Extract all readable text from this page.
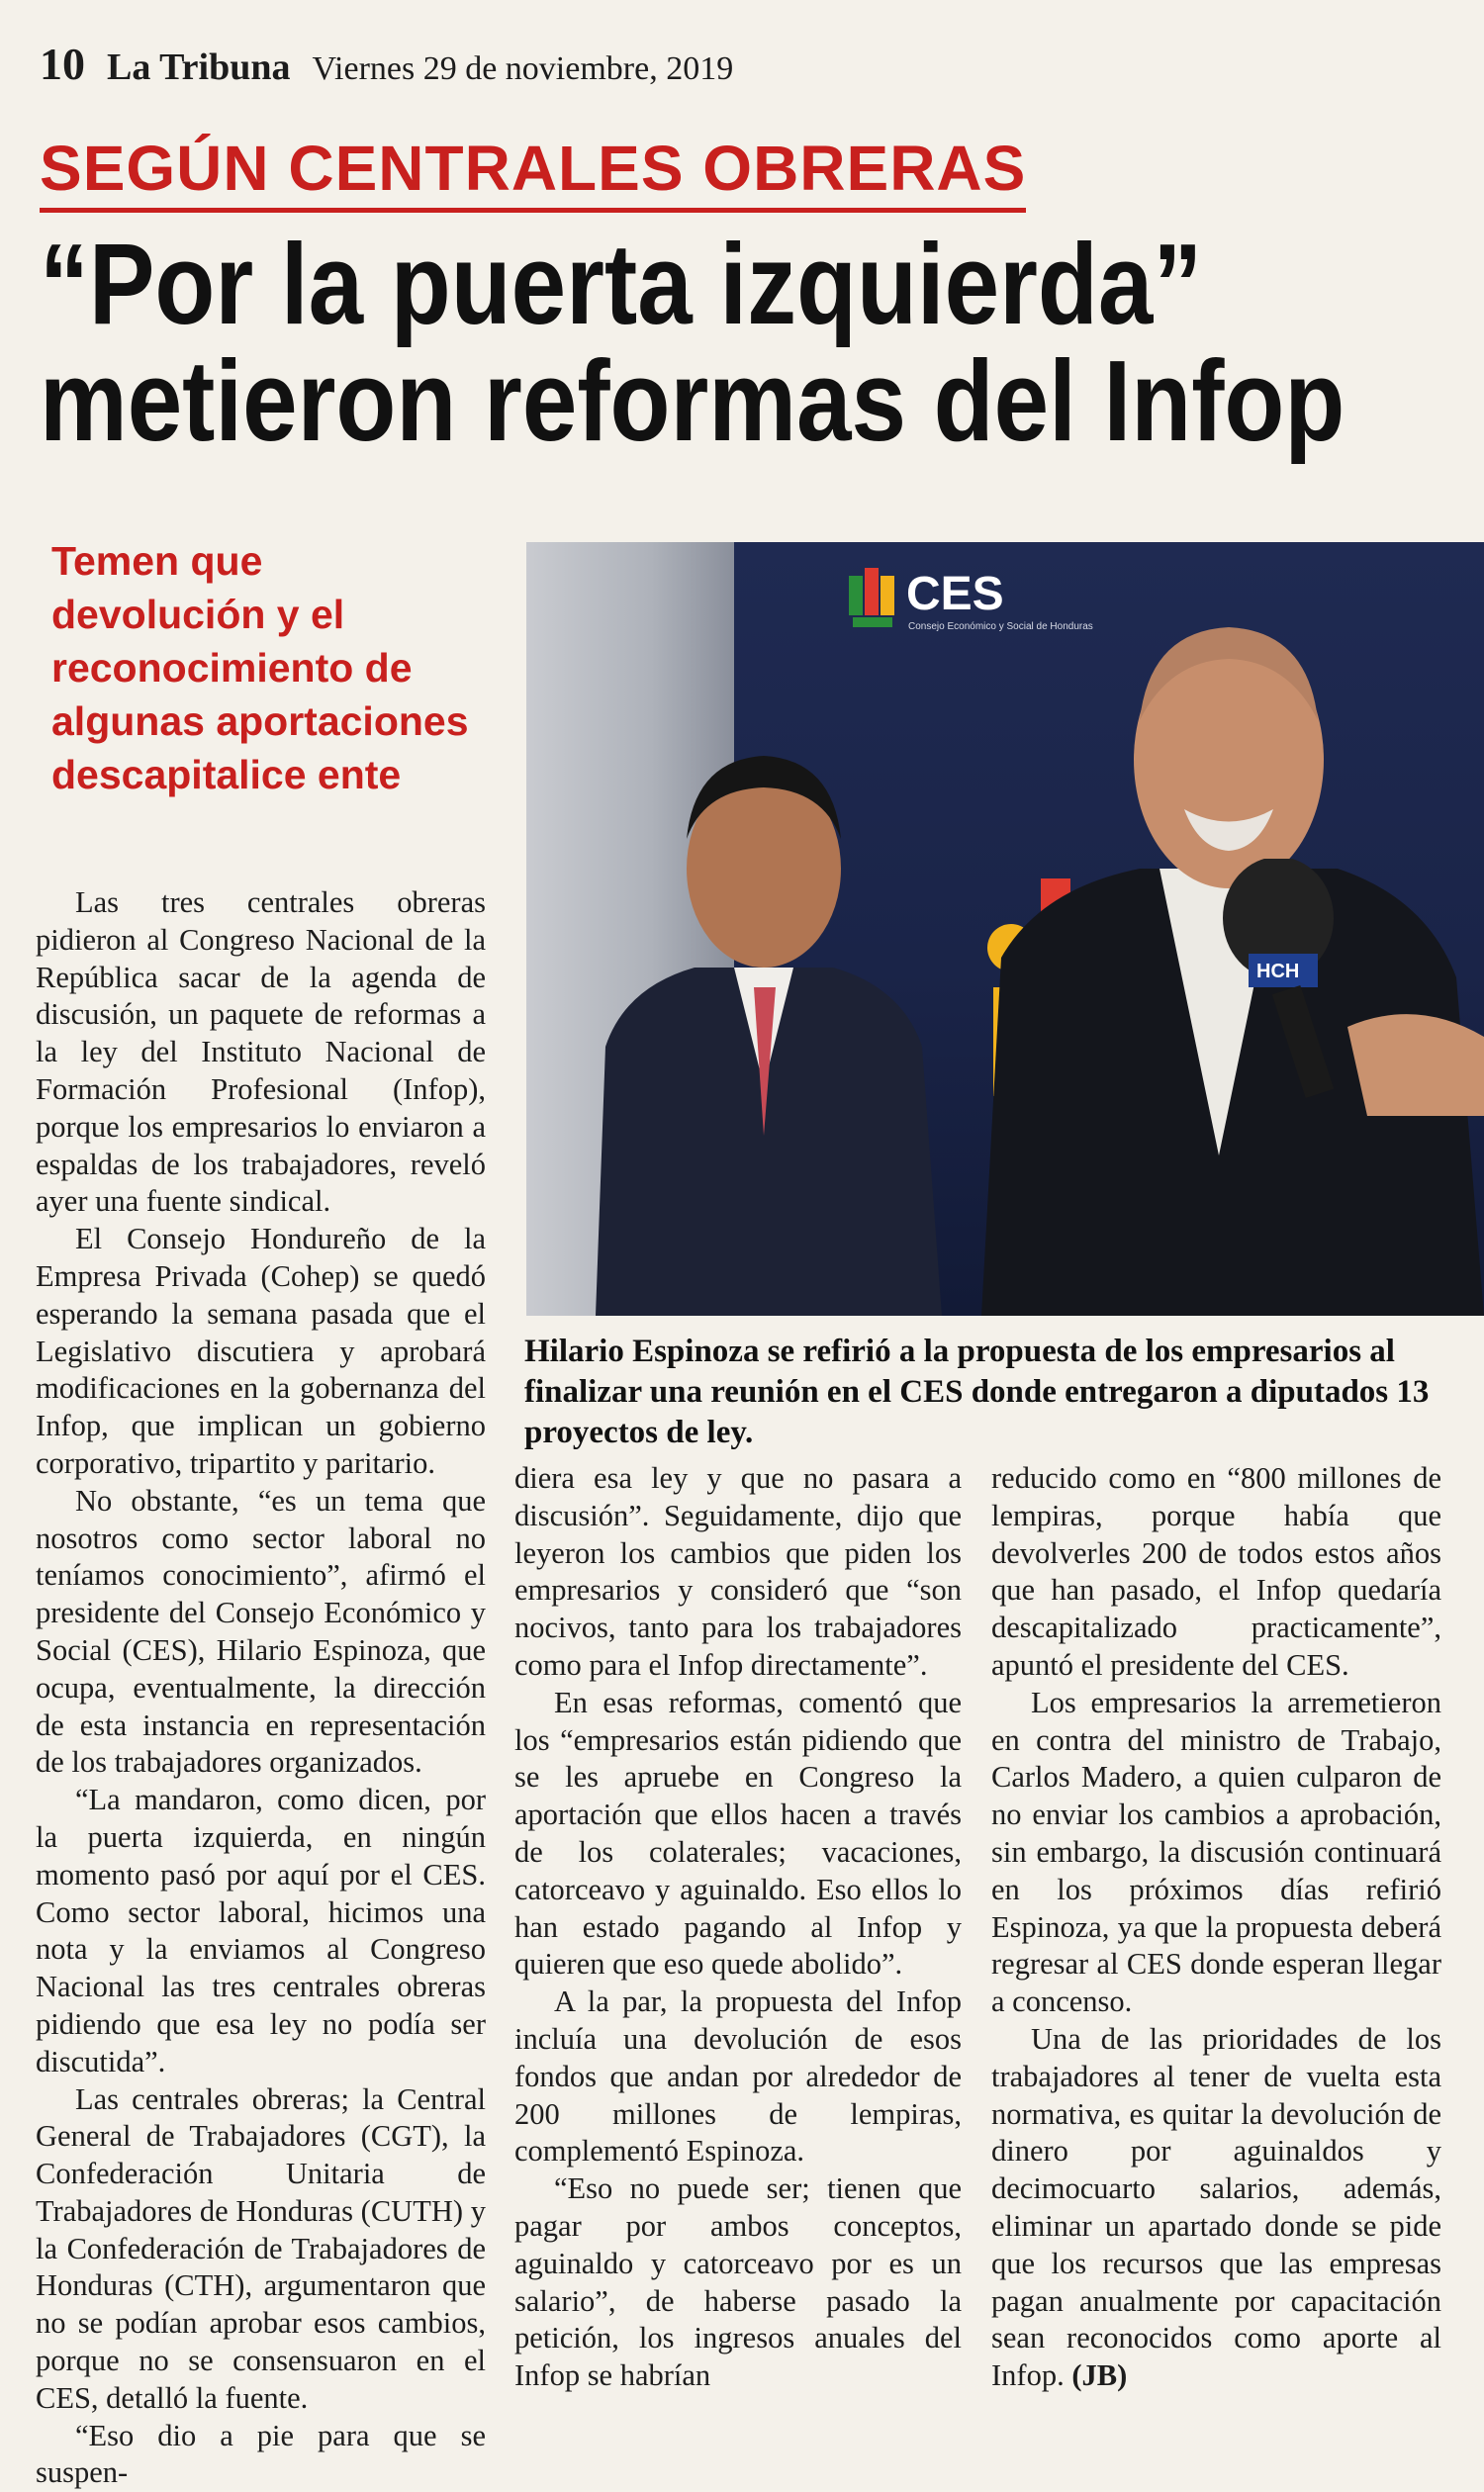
10 La Tribuna Viernes 29 de noviembre, 2019
SEGÚN CENTRALES OBRERAS
“Por la puerta izquierda”
metieron reformas del Infop
Temen que devolución y el reconocimiento de algunas aportaciones descapitalice ente
CES
Consejo Económico y Social de Honduras
HCH
Hilario Espinoza se refirió a la propuesta de los empresarios al finalizar una reunión en el CES donde entregaron a diputados 13 proyectos de ley.

Las tres centrales obreras pidieron al Congreso Nacional de la República sacar de la agenda de discusión, un paquete de reformas a la ley del Instituto Nacional de Formación Profesional (Infop), porque los empresarios lo enviaron a espaldas de los trabajadores, reveló ayer una fuente sindical.

El Consejo Hondureño de la Empresa Privada (Cohep) se quedó esperando la semana pasada que el Legislativo discutiera y aprobará modificaciones en la gobernanza del Infop, que implican un gobierno corporativo, tripartito y paritario.

No obstante, “es un tema que nosotros como sector laboral no teníamos conocimiento”, afirmó el presidente del Consejo Económico y Social (CES), Hilario Espinoza, que ocupa, eventualmente, la dirección de esta instancia en representación de los trabajadores organizados.

“La mandaron, como dicen, por la puerta izquierda, en ningún momento pasó por aquí por el CES. Como sector laboral, hicimos una nota y la enviamos al Congreso Nacional las tres centrales obreras pidiendo que esa ley no podía ser discutida”.

Las centrales obreras; la Central General de Trabajadores (CGT), la Confederación Unitaria de Trabajadores de Honduras (CUTH) y la Confederación de Trabajadores de Honduras (CTH), argumentaron que no se podían aprobar esos cambios, porque no se consensuaron en el CES, detalló la fuente.

“Eso dio a pie para que se suspen-

diera esa ley y que no pasara a discusión”. Seguidamente, dijo que leyeron los cambios que piden los empresarios y consideró que “son nocivos, tanto para los trabajadores como para el Infop directamente”.

En esas reformas, comentó que los “empresarios están pidiendo que se les apruebe en Congreso la aportación que ellos hacen a través de los colaterales; vacaciones, catorceavo y aguinaldo. Eso ellos lo han estado pagando al Infop y quieren que eso quede abolido”.

A la par, la propuesta del Infop incluía una devolución de esos fondos que andan por alrededor de 200 millones de lempiras, complementó Espinoza.

“Eso no puede ser; tienen que pagar por ambos conceptos, aguinaldo y catorceavo por es un salario”, de haberse pasado la petición, los ingresos anuales del Infop se habrían

reducido como en “800 millones de lempiras, porque había que devolverles 200 de todos estos años que han pasado, el Infop quedaría descapitalizado practicamente”, apuntó el presidente del CES.

Los empresarios la arremetieron en contra del ministro de Trabajo, Carlos Madero, a quien culparon de no enviar los cambios a aprobación, sin embargo, la discusión continuará en los próximos días refirió Espinoza, ya que la propuesta deberá regresar al CES donde esperan llegar a concenso.

Una de las prioridades de los trabajadores al tener de vuelta esta normativa, es quitar la devolución de dinero por aguinaldos y decimocuarto salarios, además, eliminar un apartado donde se pide que los recursos que las empresas pagan anualmente por capacitación sean reconocidos como aporte al Infop. (JB)
